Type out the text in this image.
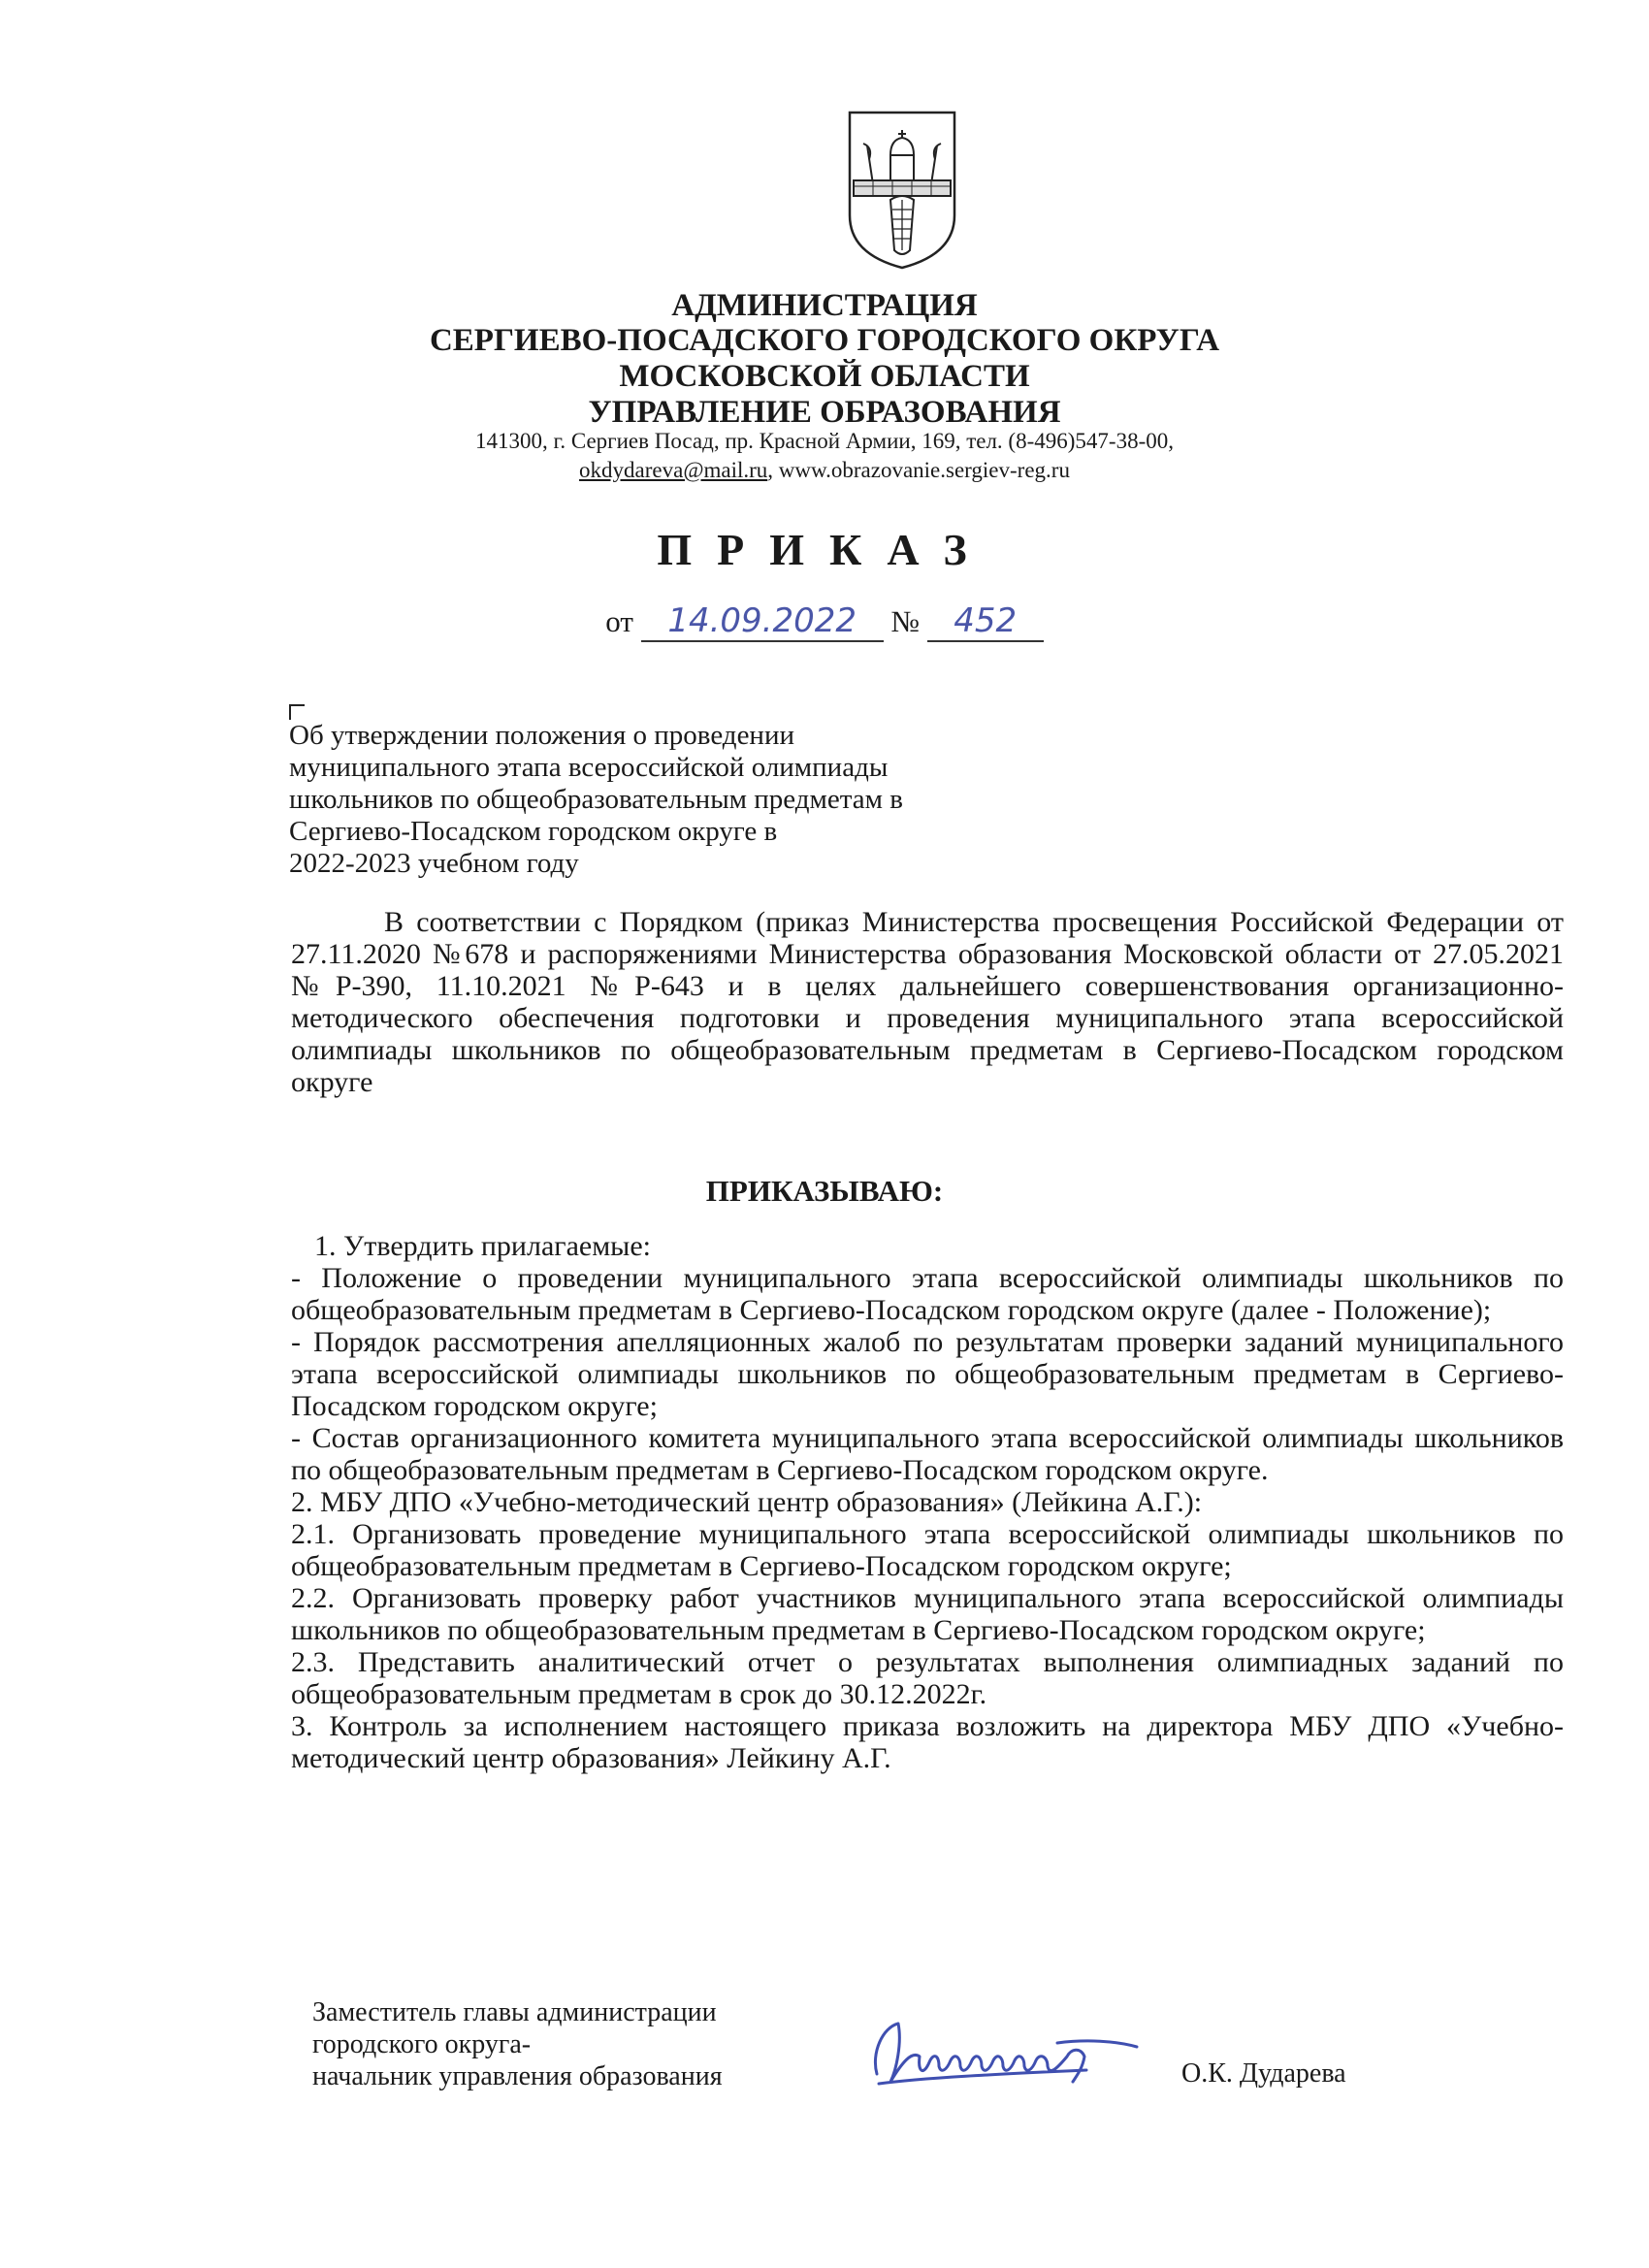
АДМИНИСТРАЦИЯ
СЕРГИЕВО-ПОСАДСКОГО ГОРОДСКОГО ОКРУГА
МОСКОВСКОЙ ОБЛАСТИ
УПРАВЛЕНИЕ ОБРАЗОВАНИЯ
141300, г. Сергиев Посад, пр. Красной Армии, 169, тел. (8-496)547-38-00,
okdydareva@mail.ru, www.obrazovanie.sergiev-reg.ru
ПРИКАЗ
от 14.09.2022 № 452
Об утверждении положения о проведении
муниципального этапа всероссийской олимпиады
школьников по общеобразовательным предметам в
Сергиево-Посадском городском округе в
2022-2023 учебном году
В соответствии с Порядком (приказ Министерства просвещения Российской Федерации от 27.11.2020 №678 и распоряжениями Министерства образования Московской области от 27.05.2021 №Р-390, 11.10.2021 №Р-643 и в целях дальнейшего совершенствования организационно-методического обеспечения подготовки и проведения муниципального этапа всероссийской олимпиады школьников по общеобразовательным предметам в Сергиево-Посадском городском округе
ПРИКАЗЫВАЮ:

1. Утвердить прилагаемые:

- Положение о проведении муниципального этапа всероссийской олимпиады школьников по общеобразовательным предметам в Сергиево-Посадском городском округе (далее - Положение);

- Порядок рассмотрения апелляционных жалоб по результатам проверки заданий муниципального этапа всероссийской олимпиады школьников по общеобразовательным предметам в Сергиево-Посадском городском округе;

- Состав организационного комитета муниципального этапа всероссийской олимпиады школьников по общеобразовательным предметам в Сергиево-Посадском городском округе.

2. МБУ ДПО «Учебно-методический центр образования» (Лейкина А.Г.):

2.1. Организовать проведение муниципального этапа всероссийской олимпиады школьников по общеобразовательным предметам в Сергиево-Посадском городском округе;

2.2. Организовать проверку работ участников муниципального этапа всероссийской олимпиады школьников по общеобразовательным предметам в Сергиево-Посадском городском округе;

2.3. Представить аналитический отчет о результатах выполнения олимпиадных заданий по общеобразовательным предметам в срок до 30.12.2022г.

3. Контроль за исполнением настоящего приказа возложить на директора МБУ ДПО «Учебно-методический центр образования» Лейкину А.Г.

Заместитель главы администрации
городского округа-
начальник управления образования	О.К. Дударева
